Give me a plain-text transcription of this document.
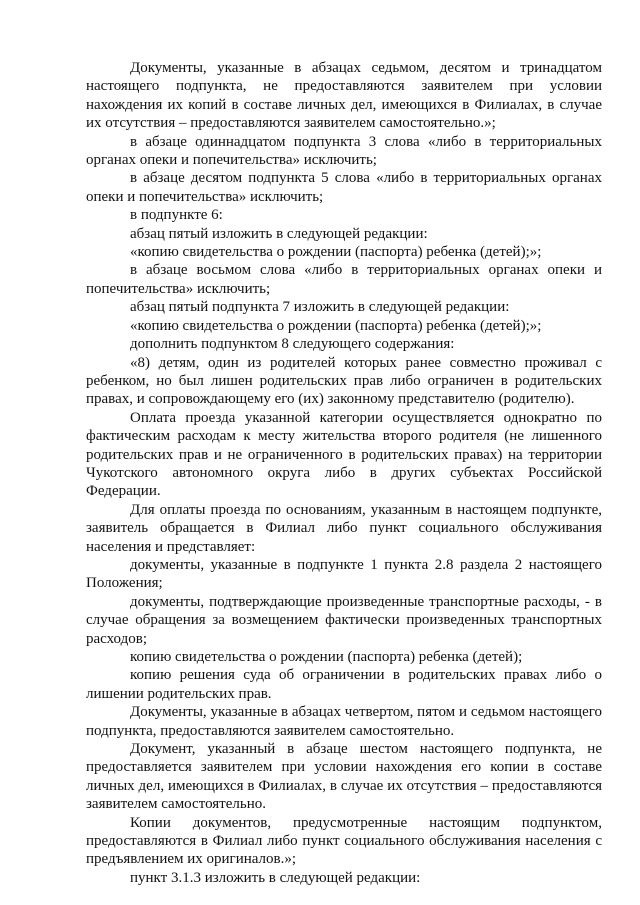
Документы, указанные в абзацах седьмом, десятом и тринадцатом настоящего подпункта, не предоставляются заявителем при условии нахождения их копий в составе личных дел, имеющихся в Филиалах, в случае их отсутствия – предоставляются заявителем самостоятельно.»;

в абзаце одиннадцатом подпункта 3 слова «либо в территориальных органах опеки и попечительства» исключить;

в абзаце десятом подпункта 5 слова «либо в территориальных органах опеки и попечительства» исключить;

в подпункте 6:

абзац пятый изложить в следующей редакции:

«копию свидетельства о рождении (паспорта) ребенка (детей);»;

в абзаце восьмом слова «либо в территориальных органах опеки и попечительства» исключить;

абзац пятый подпункта 7 изложить в следующей редакции:

«копию свидетельства о рождении (паспорта) ребенка (детей);»;

дополнить подпунктом 8 следующего содержания:

«8) детям, один из родителей которых ранее совместно проживал с ребенком, но был лишен родительских прав либо ограничен в родительских правах, и сопровождающему его (их) законному представителю (родителю).

Оплата проезда указанной категории осуществляется однократно по фактическим расходам к месту жительства второго родителя (не лишенного родительских прав и не ограниченного в родительских правах) на территории Чукотского автономного округа либо в других субъектах Российской Федерации.

Для оплаты проезда по основаниям, указанным в настоящем подпункте, заявитель обращается в Филиал либо пункт социального обслуживания населения и представляет:

документы, указанные в подпункте 1 пункта 2.8 раздела 2 настоящего Положения;

документы, подтверждающие произведенные транспортные расходы, - в случае обращения за возмещением фактически произведенных транспортных расходов;

копию свидетельства о рождении (паспорта) ребенка (детей);

копию решения суда об ограничении в родительских правах либо о лишении родительских прав.

Документы, указанные в абзацах четвертом, пятом и седьмом настоящего подпункта, предоставляются заявителем самостоятельно.

Документ, указанный в абзаце шестом настоящего подпункта, не предоставляется заявителем при условии нахождения его копии в составе личных дел, имеющихся в Филиалах, в случае их отсутствия – предоставляются заявителем самостоятельно.

Копии документов, предусмотренные настоящим подпунктом, предоставляются в Филиал либо пункт социального обслуживания населения с предъявлением их оригиналов.»;

пункт 3.1.3 изложить в следующей редакции:
